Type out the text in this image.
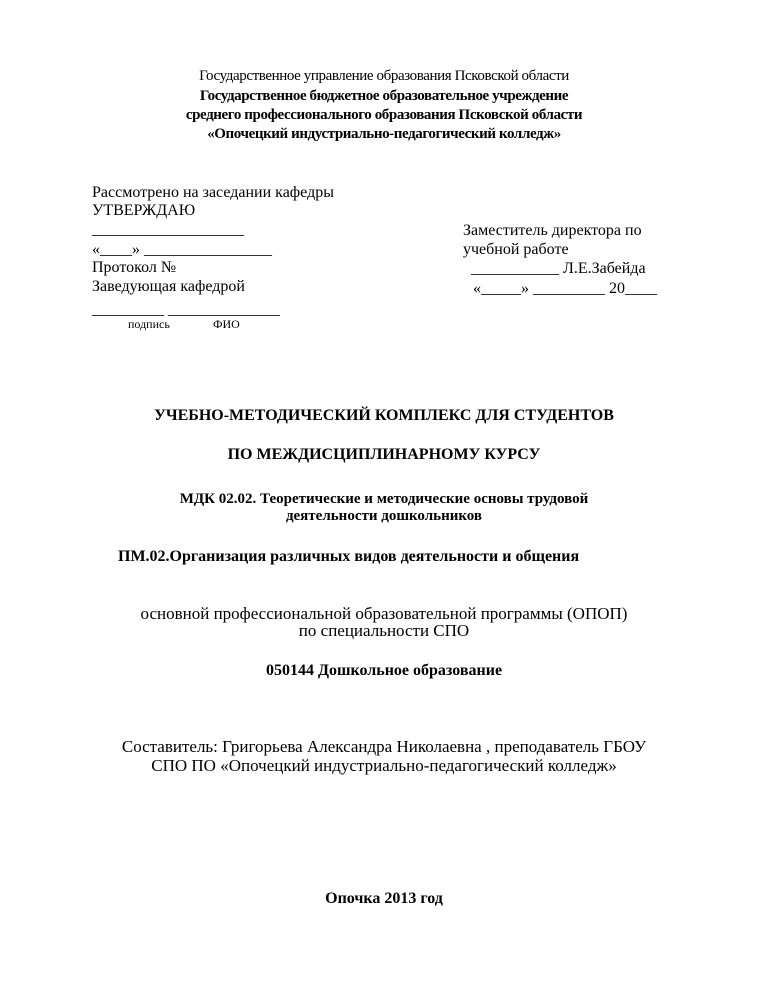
Государственное управление образования Псковской области
Государственное бюджетное образовательное учреждение
среднего профессионального образования Псковской области
«Опочецкий индустриально-педагогический колледж»
Рассмотрено на заседании кафедры
УТВЕРЖДАЮ
___________________
«____» ________________
Протокол №
Заведующая кафедрой
_________ ______________
подпись	ФИО
Заместитель директора по
учебной работе
___________ Л.Е.Забейда
«_____» _________ 20____
УЧЕБНО-МЕТОДИЧЕСКИЙ КОМПЛЕКС ДЛЯ СТУДЕНТОВ
ПО МЕЖДИСЦИПЛИНАРНОМУ КУРСУ
МДК 02.02. Теоретические и методические основы трудовой
деятельности дошкольников
ПМ.02.Организация различных видов деятельности и общения
основной профессиональной образовательной программы (ОПОП)
по специальности СПО
050144 Дошкольное образование
Составитель: Григорьева Александра Николаевна , преподаватель ГБОУ
СПО ПО «Опочецкий индустриально-педагогический колледж»
Опочка 2013 год
